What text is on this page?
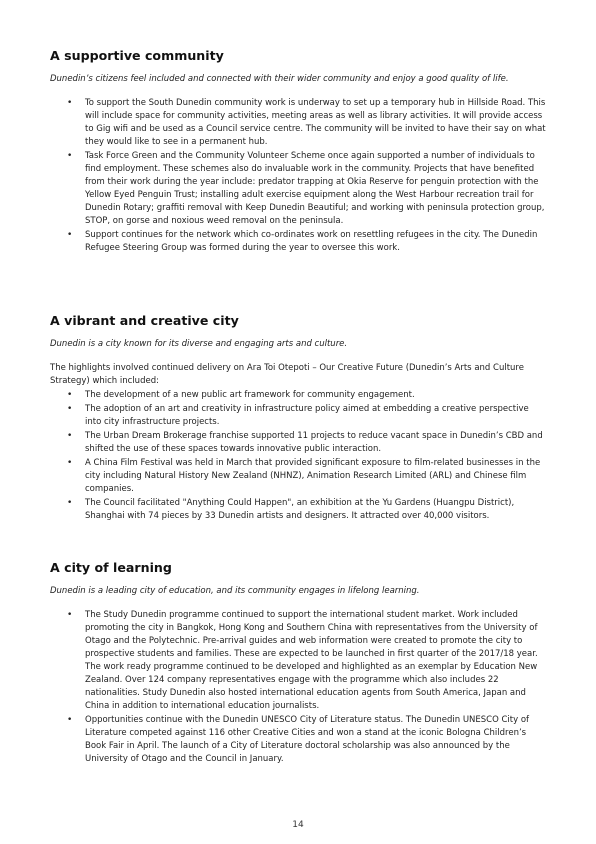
A supportive community
Dunedin’s citizens feel included and connected with their wider community and enjoy a good quality of life.
• To support the South Dunedin community work is underway to set up a temporary hub in Hillside Road. This will include space for community activities, meeting areas as well as library activities. It will provide access to Gig wifi and be used as a Council service centre. The community will be invited to have their say on what they would like to see in a permanent hub.
• Task Force Green and the Community Volunteer Scheme once again supported a number of individuals to find employment. These schemes also do invaluable work in the community. Projects that have benefited from their work during the year include: predator trapping at Okia Reserve for penguin protection with the Yellow Eyed Penguin Trust; installing adult exercise equipment along the West Harbour recreation trail for Dunedin Rotary; graffiti removal with Keep Dunedin Beautiful; and working with peninsula protection group, STOP, on gorse and noxious weed removal on the peninsula.
• Support continues for the network which co-ordinates work on resettling refugees in the city. The Dunedin Refugee Steering Group was formed during the year to oversee this work.
A vibrant and creative city
Dunedin is a city known for its diverse and engaging arts and culture.
The highlights involved continued delivery on Ara Toi Otepoti – Our Creative Future (Dunedin’s Arts and Culture Strategy) which included:
• The development of a new public art framework for community engagement.
• The adoption of an art and creativity in infrastructure policy aimed at embedding a creative perspective into city infrastructure projects.
• The Urban Dream Brokerage franchise supported 11 projects to reduce vacant space in Dunedin’s CBD and shifted the use of these spaces towards innovative public interaction.
• A China Film Festival was held in March that provided significant exposure to film-related businesses in the city including Natural History New Zealand (NHNZ), Animation Research Limited (ARL) and Chinese film companies.
• The Council facilitated "Anything Could Happen", an exhibition at the Yu Gardens (Huangpu District), Shanghai with 74 pieces by 33 Dunedin artists and designers. It attracted over 40,000 visitors.
A city of learning
Dunedin is a leading city of education, and its community engages in lifelong learning.
• The Study Dunedin programme continued to support the international student market. Work included promoting the city in Bangkok, Hong Kong and Southern China with representatives from the University of Otago and the Polytechnic. Pre-arrival guides and web information were created to promote the city to prospective students and families. These are expected to be launched in first quarter of the 2017/18 year. The work ready programme continued to be developed and highlighted as an exemplar by Education New Zealand. Over 124 company representatives engage with the programme which also includes 22 nationalities. Study Dunedin also hosted international education agents from South America, Japan and China in addition to international education journalists.
• Opportunities continue with the Dunedin UNESCO City of Literature status. The Dunedin UNESCO City of Literature competed against 116 other Creative Cities and won a stand at the iconic Bologna Children’s Book Fair in April. The launch of a City of Literature doctoral scholarship was also announced by the University of Otago and the Council in January.
14
